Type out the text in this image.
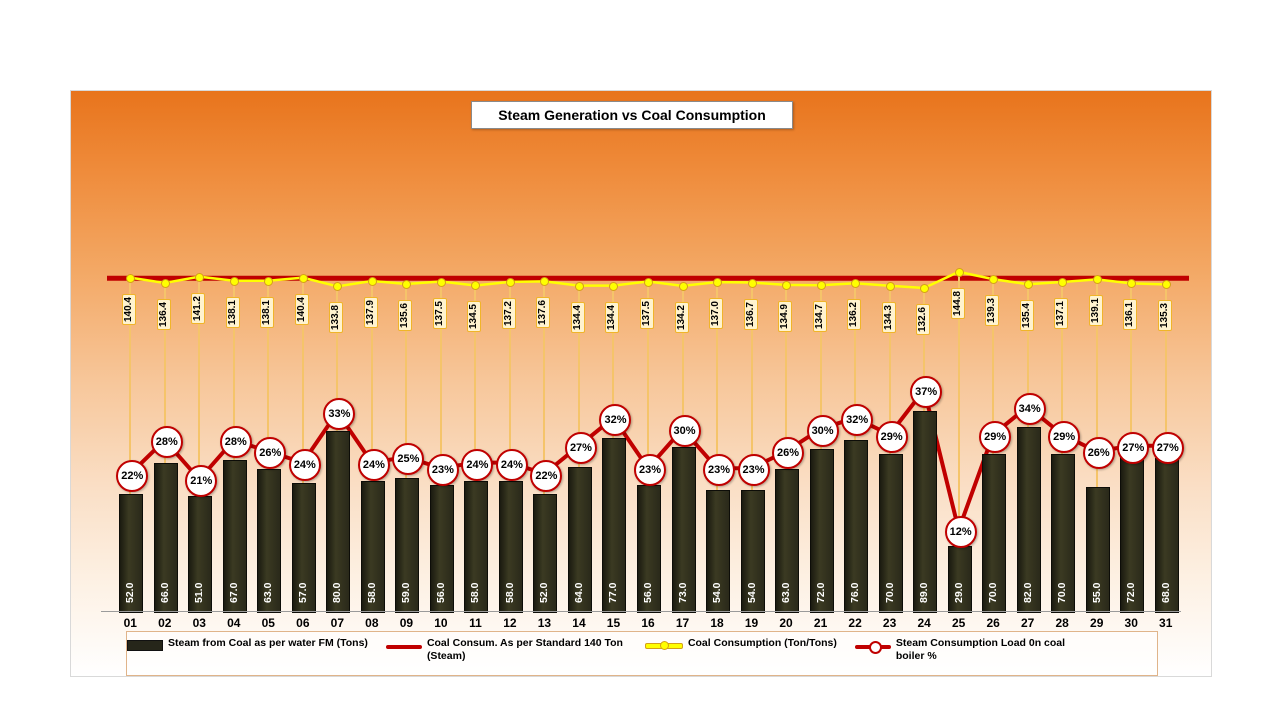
Steam Generation vs Coal Consumption
52.0
140.4
22%
66.0
136.4
28%
51.0
141.2
21%
67.0
138.1
28%
63.0
138.1
26%
57.0
140.4
24%
80.0
133.8
33%
58.0
137.9
24%
59.0
135.6
25%
56.0
137.5
23%
58.0
134.5
24%
58.0
137.2
24%
52.0
137.6
22%
64.0
134.4
27%
77.0
134.4
32%
56.0
137.5
23%
73.0
134.2
30%
54.0
137.0
23%
54.0
136.7
23%
63.0
134.9
26%
72.0
134.7
30%
76.0
136.2
32%
70.0
134.3
29%
89.0
132.6
37%
29.0
144.8
12%
70.0
139.3
29%
82.0
135.4
34%
70.0
137.1
29%
55.0
139.1
26%
72.0
136.1
27%
68.0
135.3
27%
01	02	03	04	05	06	07	08	09	10	11	12	13	14	15	16	17	18	19	20	21	22	23	24	25	26	27	28	29	30	31
Steam from Coal as per water FM (Tons)	Coal Consum. As per Standard 140 Ton (Steam)
Coal Consumption (Ton/Tons)	Steam Consumption Load 0n coal boiler %
